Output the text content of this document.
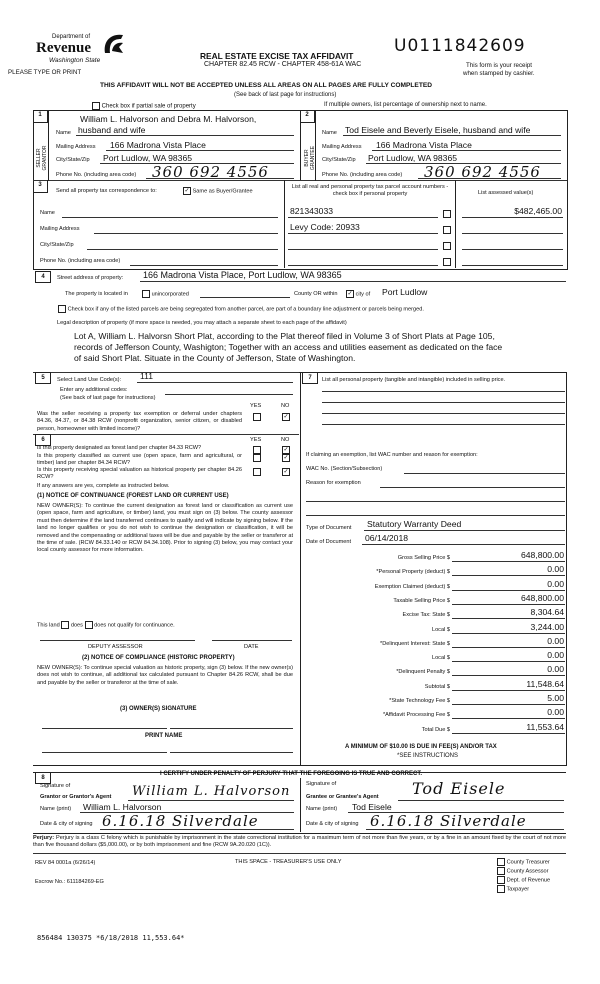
Department of
Revenue
Washington State
PLEASE TYPE OR PRINT
REAL ESTATE EXCISE TAX AFFIDAVIT U0111842609
CHAPTER 82.45 RCW - CHAPTER 458-61A WAC	This form is your receipt
when stamped by cashier.
THIS AFFIDAVIT WILL NOT BE ACCEPTED UNLESS ALL AREAS ON ALL PAGES ARE FULLY COMPLETED
(See back of last page for instructions)
Check box if partial sale of property	If multiple owners, list percentage of ownership next to name.
1
SELLER GRANTOR
William L. Halvorson and Debra M. Halvorson,
Name husband and wife
Mailing Address 166 Madrona Vista Place
City/State/Zip Port Ludlow, WA 98365
Phone No. (including area code) 360 692 4556
2
BUYER GRANTEE
Name Tod Eisele and Beverly Eisele, husband and wife
Mailing Address 166 Madrona Vista Place
City/State/Zip Port Ludlow, WA 98365
Phone No. (including area code) 360 692 4556
3
Send all property tax correspondence to:	✓ Same as Buyer/Grantee
Name
Mailing Address
City/State/Zip
Phone No. (including area code)
List all real and personal property tax parcel account numbers - check box if personal property	List assessed value(s)
4	Street address of property: 166 Madrona Vista Place, Port Ludlow, WA 98365
The property is located in	unincorporated	County OR within ✓ city of Port Ludlow
Check box if any of the listed parcels are being segregated from another parcel, are part of a boundary line adjustment or parcels being merged.
Legal description of property (if more space is needed, you may attach a separate sheet to each page of the affidavit)
Lot A, William L. Halvorsn Short Plat, according to the Plat thereof filed in Volume 3 of Short Plats at Page 105,
records of Jefferson County, Washigton; Together with an access and utilities easement as dedicated on the face
of said Short Plat. Situate in the County of Jefferson, State of Washington.
5	Select Land Use Code(s): 111
Enter any additional codes:
(See back of last page for instructions)
YES	NO
Was the seller receiving a property tax exemption or deferral under chapters 84.36, 84.37, or 84.38 RCW (nonprofit organization, senior citizen, or disabled person, homeowner with limited income)?
✓
7	List all personal property (tangible and intangible) included in selling price.
6	YES	NO
If any answers are yes, complete as instructed below.
(1) NOTICE OF CONTINUANCE (FOREST LAND OR CURRENT USE)
NEW OWNER(S): To continue the current designation as forest land or classification as current use (open space, farm and agriculture, or timber) land, you must sign on (3) below. The county assessor must then determine if the land transferred continues to qualify and will indicate by signing below. If the land no longer qualifies or you do not wish to continue the designation or classification, it will be removed and the compensating or additional taxes will be due and payable by the seller or transferor at the time of sale. (RCW 84.33.140 or RCW 84.34.108). Prior to signing (3) below, you may contact your local county assessor for more information.
This land does does not qualify for continuance.
DEPUTY ASSESSOR	DATE
(2) NOTICE OF COMPLIANCE (HISTORIC PROPERTY)
NEW OWNER(S): To continue special valuation as historic property, sign (3) below. If the new owner(s) does not wish to continue, all additional tax calculated pursuant to Chapter 84.26 RCW, shall be due and payable by the seller or transferor at the time of sale.
(3) OWNER(S) SIGNATURE
PRINT NAME
If claiming an exemption, list WAC number and reason for exemption:
WAC No. (Section/Subsection)
Reason for exemption
Type of Document Statutory Warranty Deed
Date of Document 06/14/2018
A MINIMUM OF $10.00 IS DUE IN FEE(S) AND/OR TAX
*SEE INSTRUCTIONS
8
I CERTIFY UNDER PENALTY OF PERJURY THAT THE FOREGOING IS TRUE AND CORRECT.
Signature of
Grantor or Grantor's Agent William L. Halvorson
Name (print) William L. Halvorson
Date & city of signing 6.16.18 Silverdale
Signature of
Grantee or Grantee's Agent Tod Eisele
Name (print) Tod Eisele
Date & city of signing 6.16.18 Silverdale
Perjury: Perjury is a class C felony which is punishable by imprisonment in the state correctional institution for a maximum term of not more than five years, or by a fine in an amount fixed by the court of not more than five thousand dollars ($5,000.00), or by both imprisonment and fine (RCW 9A.20.020 (1C)).
REV 84 0001a (6/26/14)	THIS SPACE - TREASURER'S USE ONLY
Escrow No.: 611184269-EG
856484 130375 *6/18/2018 11,553.64*
821343033	$482,465.00
Levy Code: 20933
Is this property designated as forest land per chapter 84.33 RCW?	✓
Is this property classified as current use (open space, farm and agricultural, or timber) land per chapter 84.34 RCW?
✓
Is this property receiving special valuation as historical property per chapter 84.26 RCW?
✓
Gross Selling Price $	648,800.00
*Personal Property (deduct) $	0.00
Exemption Claimed (deduct) $	0.00
Taxable Selling Price $	648,800.00
Excise Tax: State $	8,304.64
Local $	3,244.00
*Delinquent Interest: State $	0.00
Local $	0.00
*Delinquent Penalty $	0.00
Subtotal $	11,548.64
*State Technology Fee $	5.00
*Affidavit Processing Fee $	0.00
Total Due $	11,553.64
County Treasurer
County Assessor
Dept. of Revenue
Taxpayer
